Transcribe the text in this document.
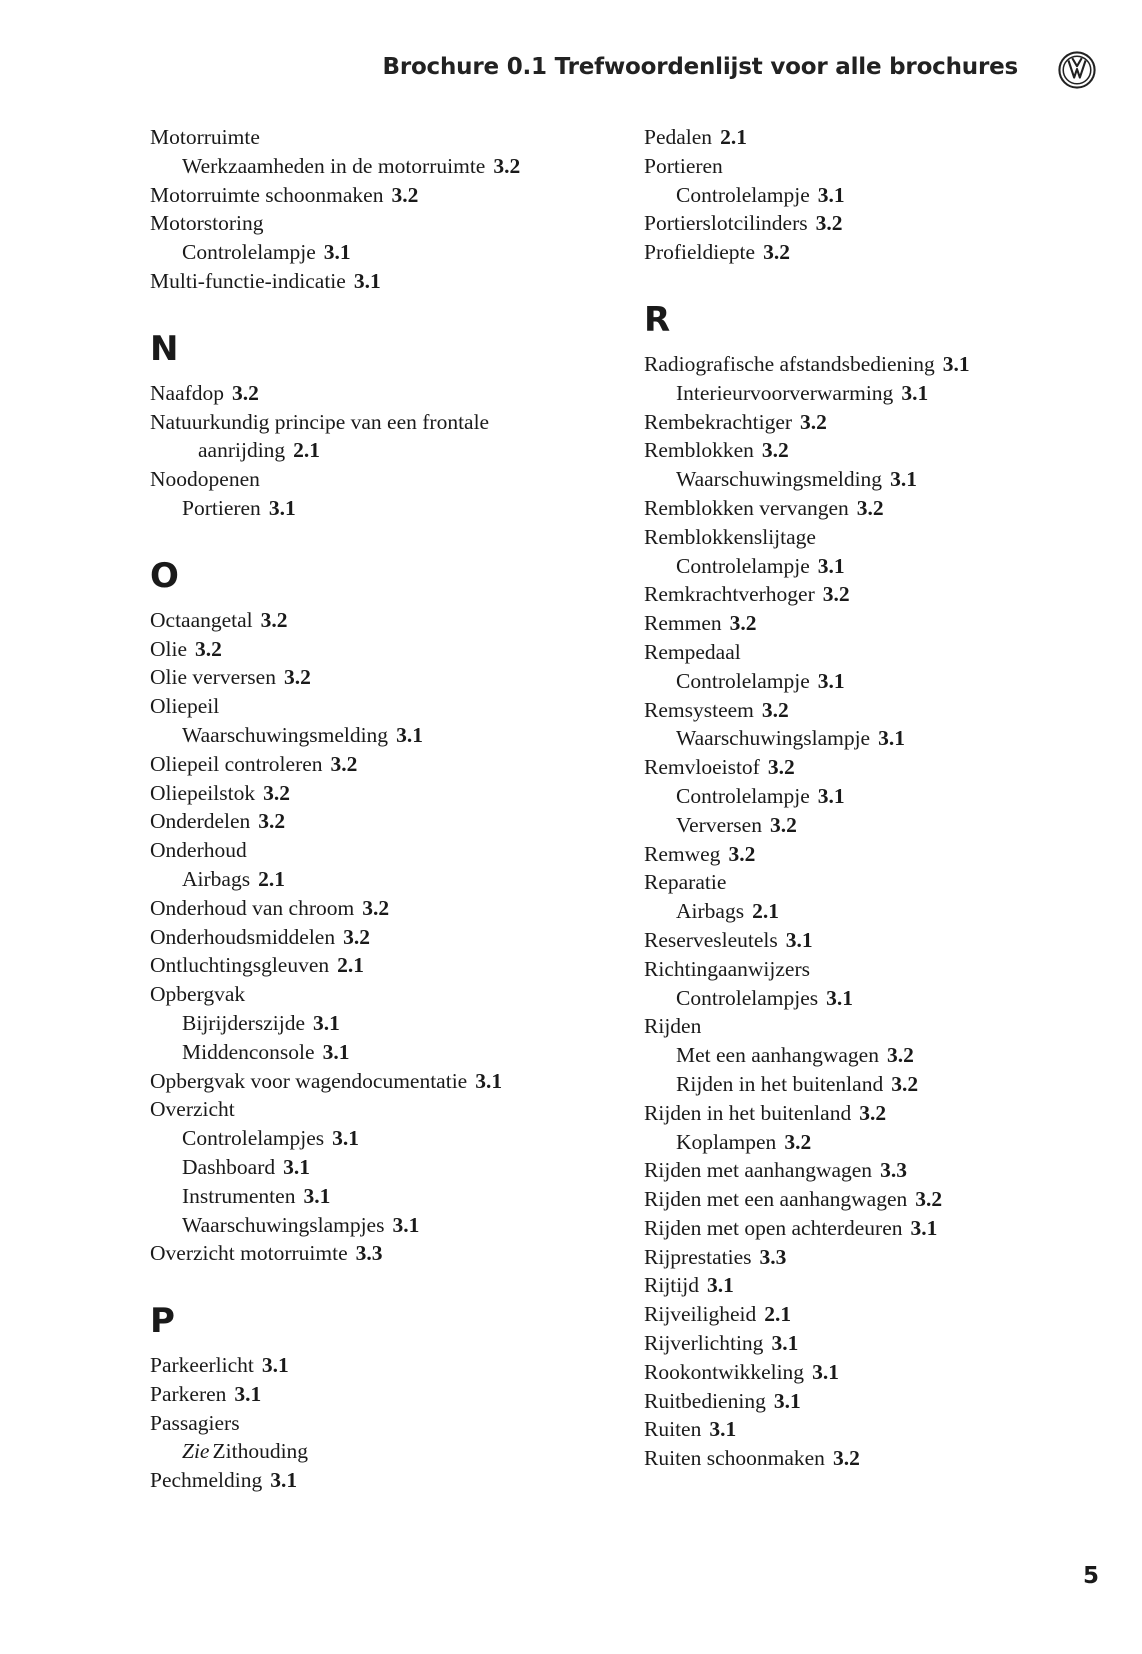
Brochure 0.1 Trefwoordenlijst voor alle brochures
Motorruimte
Werkzaamheden in de motorruimte 3.2
Motorruimte schoonmaken 3.2
Motorstoring
Controlelampje 3.1
Multi-functie-indicatie 3.1
N
Naafdop 3.2
Natuurkundig principe van een frontale
aanrijding 2.1
Noodopenen
Portieren 3.1
O
Octaangetal 3.2
Olie 3.2
Olie verversen 3.2
Oliepeil
Waarschuwingsmelding 3.1
Oliepeil controleren 3.2
Oliepeilstok 3.2
Onderdelen 3.2
Onderhoud
Airbags 2.1
Onderhoud van chroom 3.2
Onderhoudsmiddelen 3.2
Ontluchtingsgleuven 2.1
Opbergvak
Bijrijderszijde 3.1
Middenconsole 3.1
Opbergvak voor wagendocumentatie 3.1
Overzicht
Controlelampjes 3.1
Dashboard 3.1
Instrumenten 3.1
Waarschuwingslampjes 3.1
Overzicht motorruimte 3.3
P
Parkeerlicht 3.1
Parkeren 3.1
Passagiers
Zie Zithouding
Pechmelding 3.1
Pedalen 2.1
Portieren
Controlelampje 3.1
Portierslotcilinders 3.2
Profieldiepte 3.2
R
Radiografische afstandsbediening 3.1
Interieurvoorverwarming 3.1
Rembekrachtiger 3.2
Remblokken 3.2
Waarschuwingsmelding 3.1
Remblokken vervangen 3.2
Remblokkenslijtage
Controlelampje 3.1
Remkrachtverhoger 3.2
Remmen 3.2
Rempedaal
Controlelampje 3.1
Remsysteem 3.2
Waarschuwingslampje 3.1
Remvloeistof 3.2
Controlelampje 3.1
Verversen 3.2
Remweg 3.2
Reparatie
Airbags 2.1
Reservesleutels 3.1
Richtingaanwijzers
Controlelampjes 3.1
Rijden
Met een aanhangwagen 3.2
Rijden in het buitenland 3.2
Rijden in het buitenland 3.2
Koplampen 3.2
Rijden met aanhangwagen 3.3
Rijden met een aanhangwagen 3.2
Rijden met open achterdeuren 3.1
Rijprestaties 3.3
Rijtijd 3.1
Rijveiligheid 2.1
Rijverlichting 3.1
Rookontwikkeling 3.1
Ruitbediening 3.1
Ruiten 3.1
Ruiten schoonmaken 3.2
5
